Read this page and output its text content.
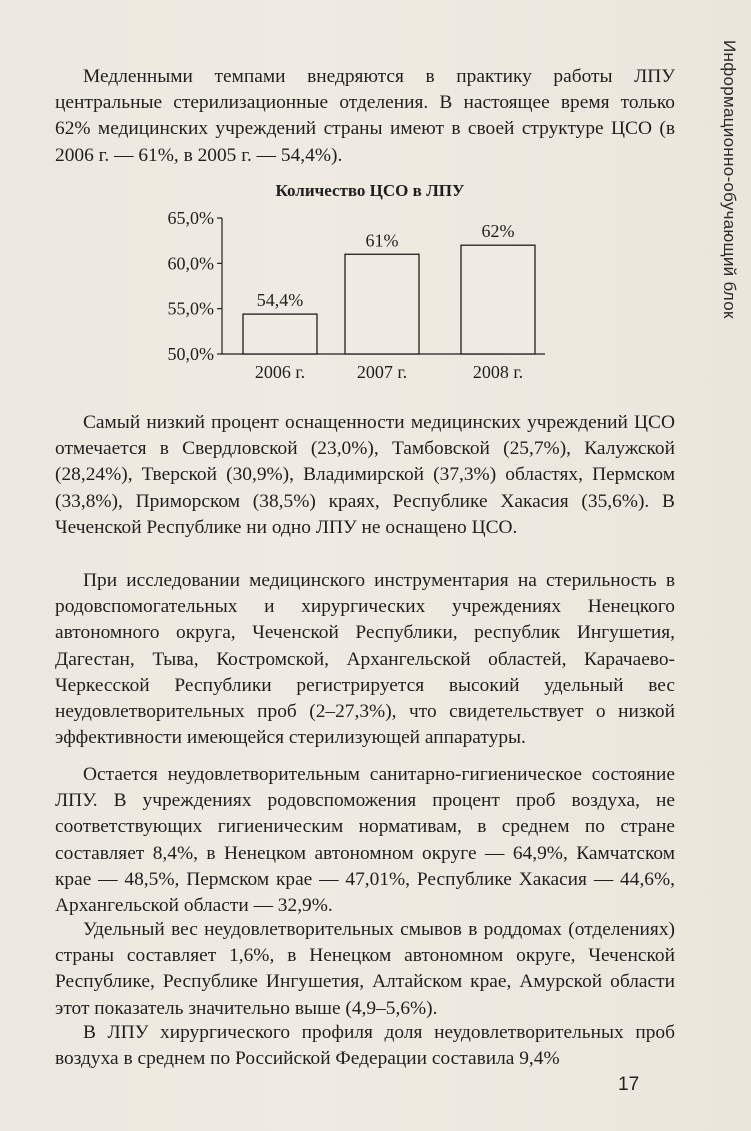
Информационно-обучающий блок

Медленными темпами внедряются в практику работы ЛПУ центральные стерилизационные отделения. В настоящее время только 62% медицинских учреждений страны имеют в своей структуре ЦСО (в 2006 г. — 61%, в 2005 г. — 54,4%).

Количество ЦСО в ЛПУ
50,0%
55,0%
60,0%
65,0%
54,4%
2006 г.
61%
2007 г.
62%
2008 г.

Самый низкий процент оснащенности медицинских учреждений ЦСО отмечается в Свердловской (23,0%), Тамбовской (25,7%), Калужской (28,24%), Тверской (30,9%), Владимирской (37,3%) областях, Пермском (33,8%), Приморском (38,5%) краях, Республике Хакасия (35,6%). В Чеченской Республике ни одно ЛПУ не оснащено ЦСО.

При исследовании медицинского инструментария на стерильность в родовспомогательных и хирургических учреждениях Ненецкого автономного округа, Чеченской Республики, республик Ингушетия, Дагестан, Тыва, Костромской, Архангельской областей, Карачаево-Черкесской Республики регистрируется высокий удельный вес неудовлетворительных проб (2–27,3%), что свидетельствует о низкой эффективности имеющейся стерилизующей аппаратуры.

Остается неудовлетворительным санитарно-гигиеническое состояние ЛПУ. В учреждениях родовспоможения процент проб воздуха, не соответствующих гигиеническим нормативам, в среднем по стране составляет 8,4%, в Ненецком автономном округе — 64,9%, Камчатском крае — 48,5%, Пермском крае — 47,01%, Республике Хакасия — 44,6%, Архангельской области — 32,9%.

Удельный вес неудовлетворительных смывов в роддомах (отделениях) страны составляет 1,6%, в Ненецком автономном округе, Чеченской Республике, Республике Ингушетия, Алтайском крае, Амурской области этот показатель значительно выше (4,9–5,6%).

В ЛПУ хирургического профиля доля неудовлетворительных проб воздуха в среднем по Российской Федерации составила 9,4%

17
